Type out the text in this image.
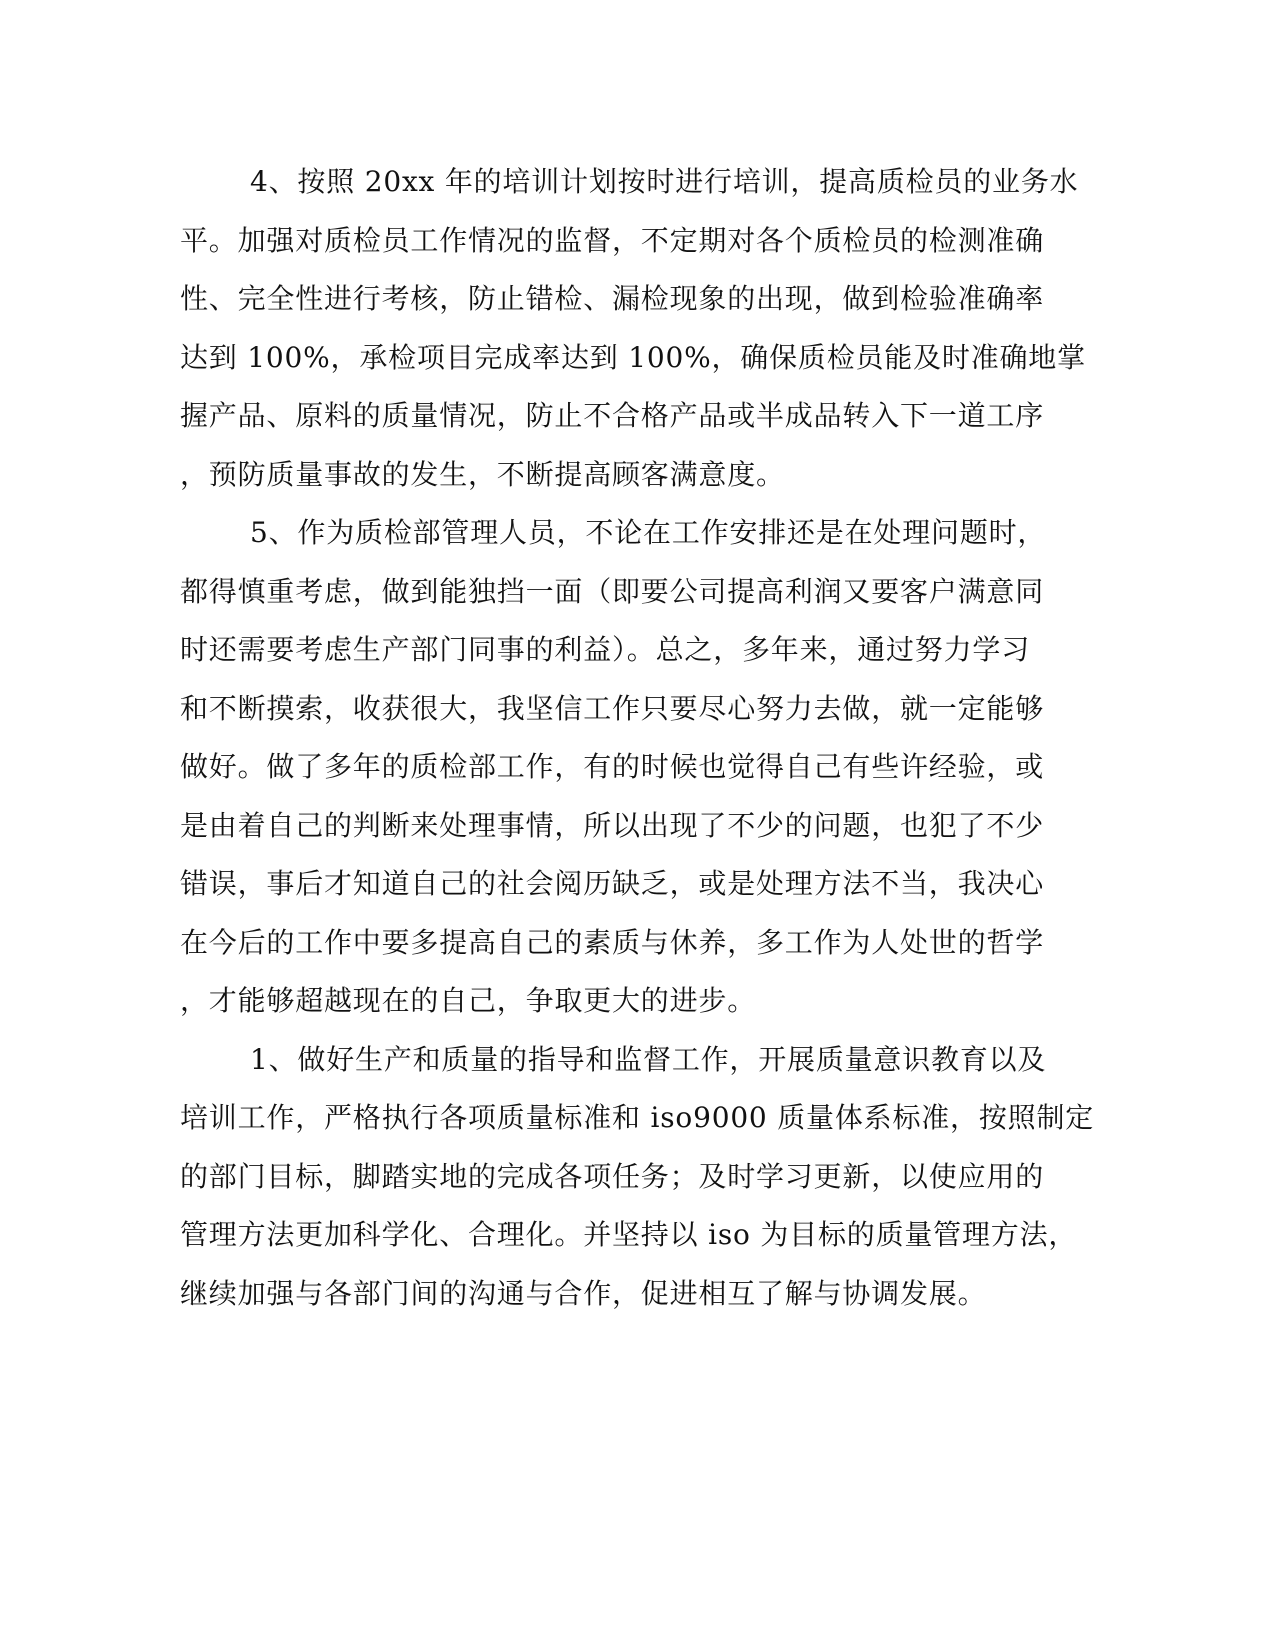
4、按照 20xx 年的培训计划按时进行培训，提高质检员的业务水
平。加强对质检员工作情况的监督，不定期对各个质检员的检测准确
性、完全性进行考核，防止错检、漏检现象的出现，做到检验准确率
达到 100%，承检项目完成率达到 100%，确保质检员能及时准确地掌
握产品、原料的质量情况，防止不合格产品或半成品转入下一道工序
，预防质量事故的发生，不断提高顾客满意度。
5、作为质检部管理人员，不论在工作安排还是在处理问题时，
都得慎重考虑，做到能独挡一面（即要公司提高利润又要客户满意同
时还需要考虑生产部门同事的利益）。总之，多年来，通过努力学习
和不断摸索，收获很大，我坚信工作只要尽心努力去做，就一定能够
做好。做了多年的质检部工作，有的时候也觉得自己有些许经验，或
是由着自己的判断来处理事情，所以出现了不少的问题，也犯了不少
错误，事后才知道自己的社会阅历缺乏，或是处理方法不当，我决心
在今后的工作中要多提高自己的素质与休养，多工作为人处世的哲学
，才能够超越现在的自己，争取更大的进步。
1、做好生产和质量的指导和监督工作，开展质量意识教育以及
培训工作，严格执行各项质量标准和 iso9000 质量体系标准，按照制定
的部门目标，脚踏实地的完成各项任务；及时学习更新，以使应用的
管理方法更加科学化、合理化。并坚持以 iso 为目标的质量管理方法，
继续加强与各部门间的沟通与合作，促进相互了解与协调发展。
